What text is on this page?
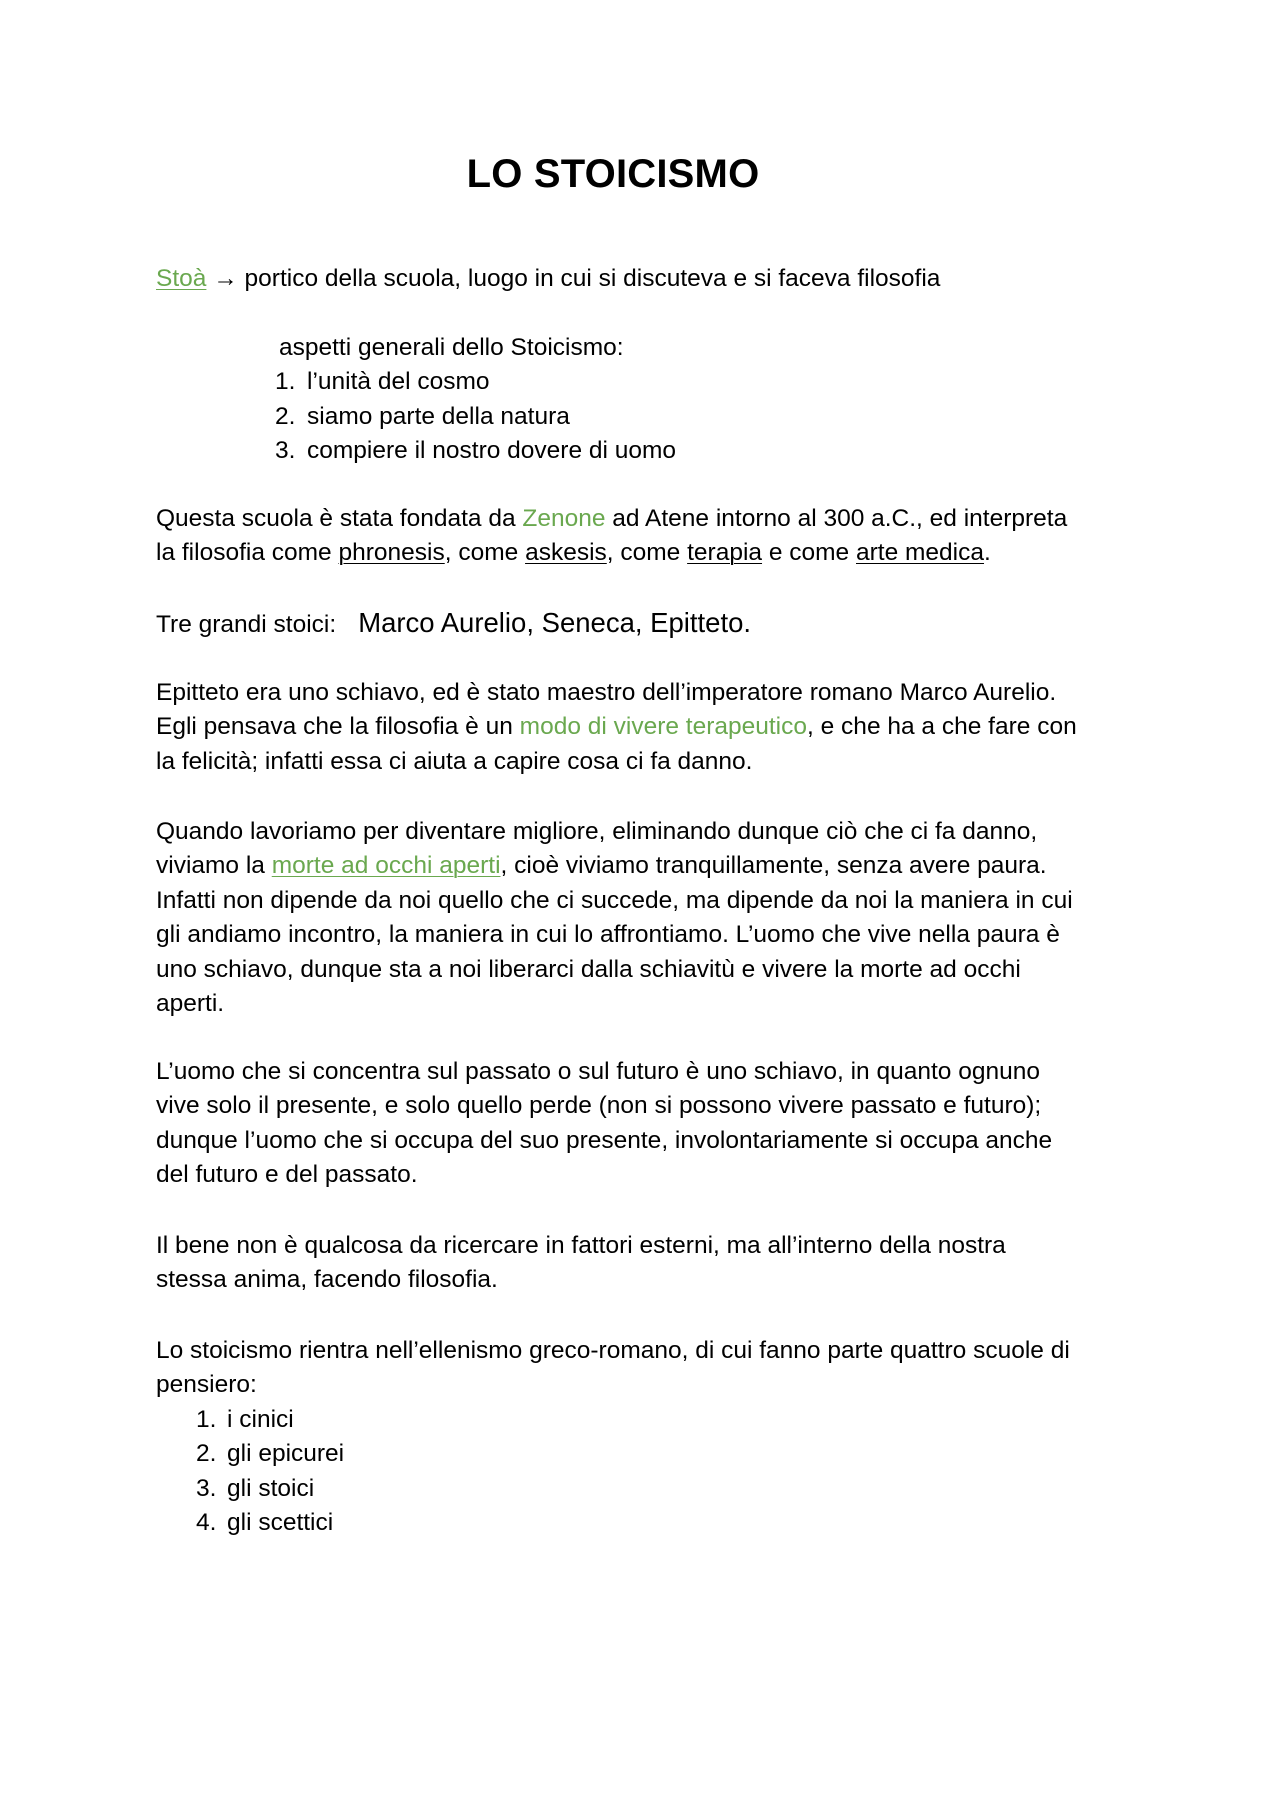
LO STOICISMO

Stoà → portico della scuola, luogo in cui si discuteva e si faceva filosofia

aspetti generali dello Stoicismo:
1. l’unità del cosmo
2. siamo parte della natura
3. compiere il nostro dovere di uomo
Questa scuola è stata fondata da Zenone ad Atene intorno al 300 a.C., ed interpreta
la filosofia come phronesis, come askesis, come terapia e come arte medica.

Tre grandi stoici: Marco Aurelio, Seneca, Epitteto.

Epitteto era uno schiavo, ed è stato maestro dell’imperatore romano Marco Aurelio.
Egli pensava che la filosofia è un modo di vivere terapeutico, e che ha a che fare con
la felicità; infatti essa ci aiuta a capire cosa ci fa danno.
Quando lavoriamo per diventare migliore, eliminando dunque ciò che ci fa danno,
viviamo la morte ad occhi aperti, cioè viviamo tranquillamente, senza avere paura.
Infatti non dipende da noi quello che ci succede, ma dipende da noi la maniera in cui
gli andiamo incontro, la maniera in cui lo affrontiamo. L’uomo che vive nella paura è
uno schiavo, dunque sta a noi liberarci dalla schiavitù e vivere la morte ad occhi
aperti.
L’uomo che si concentra sul passato o sul futuro è uno schiavo, in quanto ognuno
vive solo il presente, e solo quello perde (non si possono vivere passato e futuro);
dunque l’uomo che si occupa del suo presente, involontariamente si occupa anche
del futuro e del passato.
Il bene non è qualcosa da ricercare in fattori esterni, ma all’interno della nostra
stessa anima, facendo filosofia.
Lo stoicismo rientra nell’ellenismo greco-romano, di cui fanno parte quattro scuole di
pensiero:
1. i cinici
2. gli epicurei
3. gli stoici
4. gli scettici
